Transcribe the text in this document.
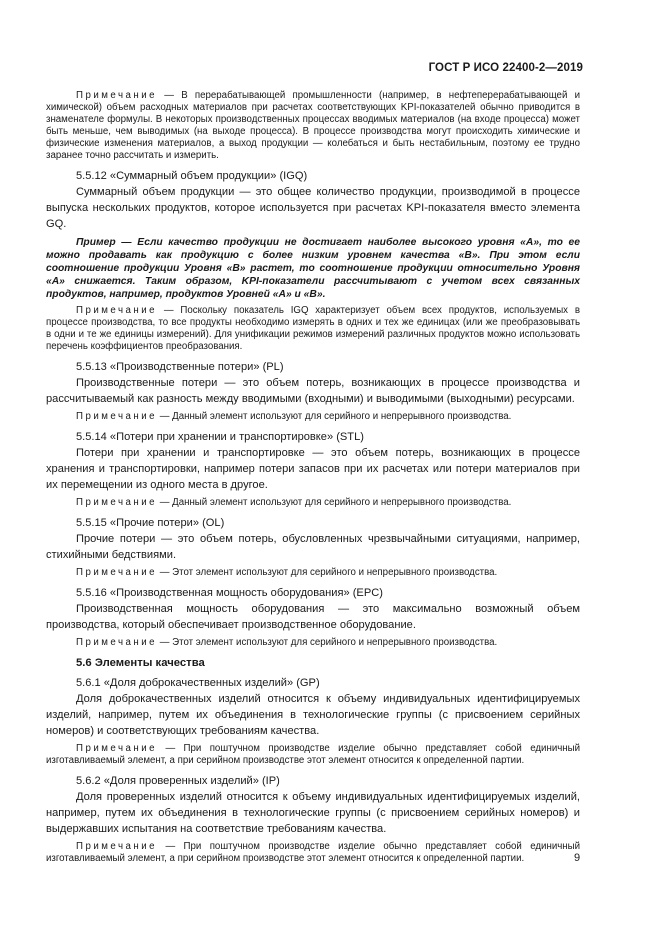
ГОСТ Р ИСО 22400-2—2019

Примечание — В перерабатывающей промышленности (например, в нефтеперерабатывающей и химической) объем расходных материалов при расчетах соответствующих KPI-показателей обычно приводится в знаменателе формулы. В некоторых производственных процессах вводимых материалов (на входе процесса) может быть меньше, чем выводимых (на выходе процесса). В процессе производства могут происходить химические и физические изменения материалов, а выход продукции — колебаться и быть нестабильным, поэтому ее трудно заранее точно рассчитать и измерить.

5.5.12 «Суммарный объем продукции» (IGQ)

Суммарный объем продукции — это общее количество продукции, производимой в процессе выпуска нескольких продуктов, которое используется при расчетах KPI-показателя вместо элемента GQ.

Пример — Если качество продукции не достигает наиболее высокого уровня «А», то ее можно продавать как продукцию с более низким уровнем качества «В». При этом если соотношение продукции Уровня «В» растет, то соотношение продукции относительно Уровня «А» снижается. Таким образом, KPI-показатели рассчитывают с учетом всех связанных продуктов, например, продуктов Уровней «А» и «В».

Примечание — Поскольку показатель IGQ характеризует объем всех продуктов, используемых в процессе производства, то все продукты необходимо измерять в одних и тех же единицах (или же преобразовывать в одни и те же единицы измерений). Для унификации режимов измерений различных продуктов можно использовать перечень коэффициентов преобразования.

5.5.13 «Производственные потери» (PL)

Производственные потери — это объем потерь, возникающих в процессе производства и рассчитываемый как разность между вводимыми (входными) и выводимыми (выходными) ресурсами.

Примечание — Данный элемент используют для серийного и непрерывного производства.

5.5.14 «Потери при хранении и транспортировке» (STL)

Потери при хранении и транспортировке — это объем потерь, возникающих в процессе хранения и транспортировки, например потери запасов при их расчетах или потери материалов при их перемещении из одного места в другое.

Примечание — Данный элемент используют для серийного и непрерывного производства.

5.5.15 «Прочие потери» (OL)

Прочие потери — это объем потерь, обусловленных чрезвычайными ситуациями, например, стихийными бедствиями.

Примечание — Этот элемент используют для серийного и непрерывного производства.

5.5.16 «Производственная мощность оборудования» (EPC)

Производственная мощность оборудования — это максимально возможный объем производства, который обеспечивает производственное оборудование.

Примечание — Этот элемент используют для серийного и непрерывного производства.

5.6 Элементы качества

5.6.1 «Доля доброкачественных изделий» (GP)

Доля доброкачественных изделий относится к объему индивидуальных идентифицируемых изделий, например, путем их объединения в технологические группы (с присвоением серийных номеров) и соответствующих требованиям качества.

Примечание — При поштучном производстве изделие обычно представляет собой единичный изготавливаемый элемент, а при серийном производстве этот элемент относится к определенной партии.

5.6.2 «Доля проверенных изделий» (IP)

Доля проверенных изделий относится к объему индивидуальных идентифицируемых изделий, например, путем их объединения в технологические группы (с присвоением серийных номеров) и выдержавших испытания на соответствие требованиям качества.

Примечание — При поштучном производстве изделие обычно представляет собой единичный изготавливаемый элемент, а при серийном производстве этот элемент относится к определенной партии.	9
